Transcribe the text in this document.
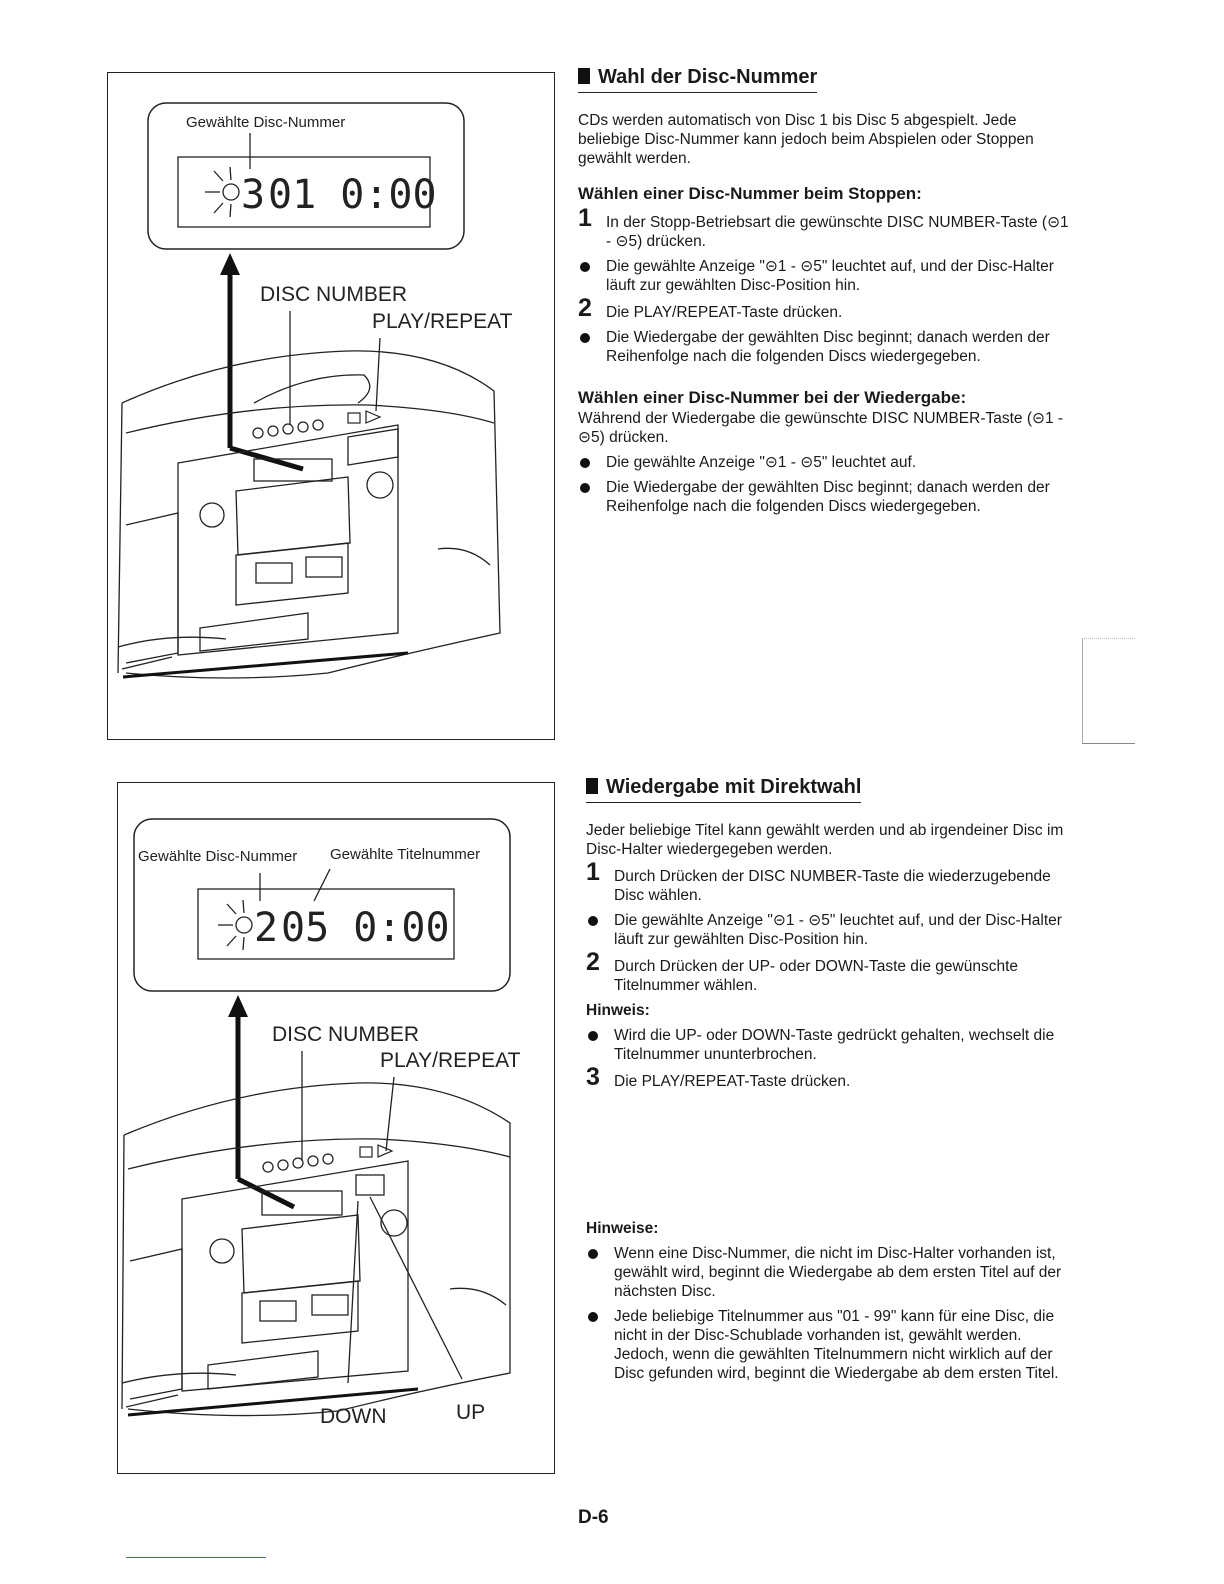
Gewählte Disc-Nummer
3 01 0:00
DISC NUMBER
PLAY/REPEAT
Gewählte Disc-Nummer Gewählte Titelnummer
2 05 0:00
DISC NUMBER
PLAY/REPEAT
DOWN	UP
Wahl der Disc-Nummer

CDs werden automatisch von Disc 1 bis Disc 5 abgespielt. Jede beliebige Disc-Nummer kann jedoch beim Abspielen oder Stoppen gewählt werden.

Wählen einer Disc-Nummer beim Stoppen:
1 In der Stopp-Betriebsart die gewünschte DISC NUMBER-Taste (⊝1 - ⊝5) drücken.
Die gewählte Anzeige "⊝1 - ⊝5" leuchtet auf, und der Disc-Halter läuft zur gewählten Disc-Position hin.
2 Die PLAY/REPEAT-Taste drücken.
Die Wiedergabe der gewählten Disc beginnt; danach werden der Reihenfolge nach die folgenden Discs wiedergegeben.
Wählen einer Disc-Nummer bei der Wiedergabe:

Während der Wiedergabe die gewünschte DISC NUMBER-Taste (⊝1 - ⊝5) drücken.

Die gewählte Anzeige "⊝1 - ⊝5" leuchtet auf.
Die Wiedergabe der gewählten Disc beginnt; danach werden der Reihenfolge nach die folgenden Discs wiedergegeben.
Wiedergabe mit Direktwahl

Jeder beliebige Titel kann gewählt werden und ab irgendeiner Disc im Disc-Halter wiedergegeben werden.

1 Durch Drücken der DISC NUMBER-Taste die wiederzugebende Disc wählen.
Die gewählte Anzeige "⊝1 - ⊝5" leuchtet auf, und der Disc-Halter läuft zur gewählten Disc-Position hin.
2 Durch Drücken der UP- oder DOWN-Taste die gewünschte Titelnummer wählen.
Hinweis:
Wird die UP- oder DOWN-Taste gedrückt gehalten, wechselt die Titelnummer ununterbrochen.
3 Die PLAY/REPEAT-Taste drücken.
Hinweise:
Wenn eine Disc-Nummer, die nicht im Disc-Halter vorhanden ist, gewählt wird, beginnt die Wiedergabe ab dem ersten Titel auf der nächsten Disc.
Jede beliebige Titelnummer aus "01 - 99" kann für eine Disc, die nicht in der Disc-Schublade vorhanden ist, gewählt werden. Jedoch, wenn die gewählten Titelnummern nicht wirklich auf der Disc gefunden wird, beginnt die Wiedergabe ab dem ersten Titel.
D-6
